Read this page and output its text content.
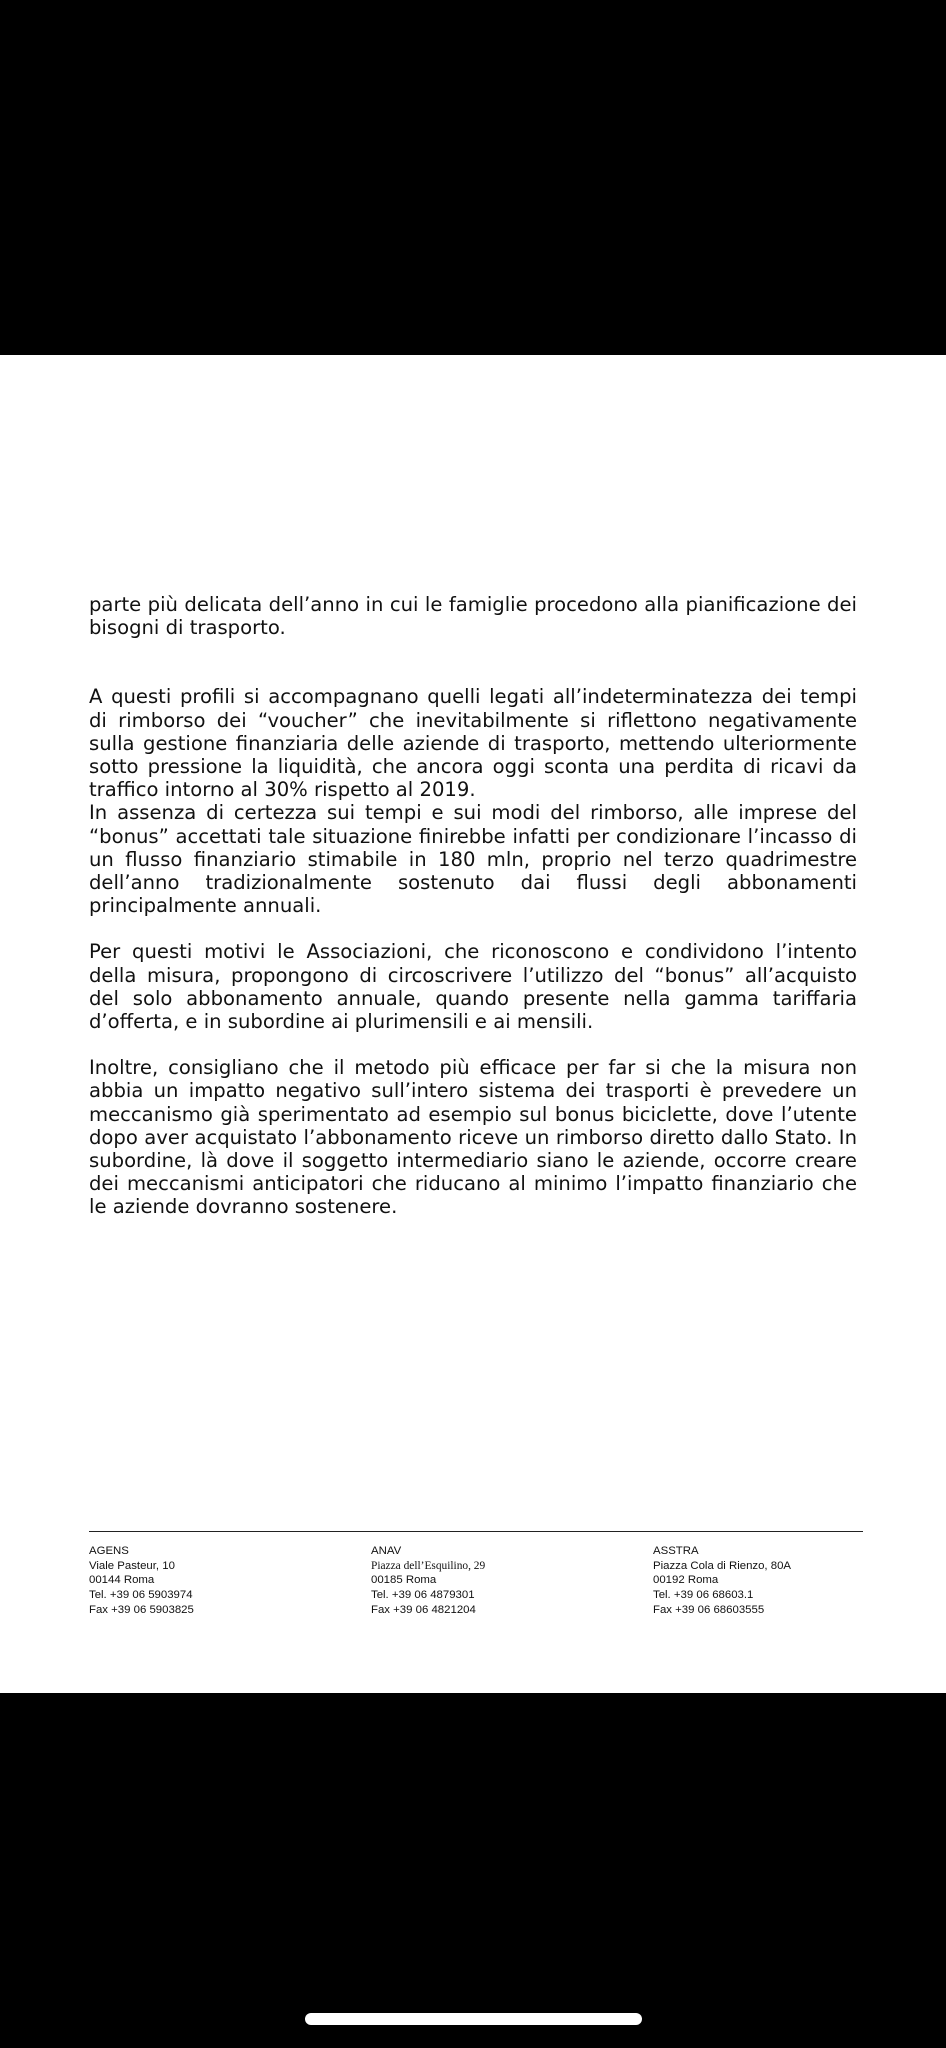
parte più delicata dell’anno in cui le famiglie procedono alla pianificazione dei bisogni di trasporto.

A questi profili si accompagnano quelli legati all’indeterminatezza dei tempi di rimborso dei “voucher” che inevitabilmente si riflettono negativamente sulla gestione finanziaria delle aziende di trasporto, mettendo ulteriormente sotto pressione la liquidità, che ancora oggi sconta una perdita di ricavi da traffico intorno al 30% rispetto al 2019.

In assenza di certezza sui tempi e sui modi del rimborso, alle imprese del “bonus” accettati tale situazione finirebbe infatti per condizionare l’incasso di un flusso finanziario stimabile in 180 mln, proprio nel terzo quadrimestre dell’anno tradizionalmente sostenuto dai flussi degli abbonamenti principalmente annuali.

Per questi motivi le Associazioni, che riconoscono e condividono l’intento della misura, propongono di circoscrivere l’utilizzo del “bonus” all’acquisto del solo abbonamento annuale, quando presente nella gamma tariffaria d’offerta, e in subordine ai plurimensili e ai mensili.

Inoltre, consigliano che il metodo più efficace per far si che la misura non abbia un impatto negativo sull’intero sistema dei trasporti è prevedere un meccanismo già sperimentato ad esempio sul bonus biciclette, dove l’utente dopo aver acquistato l’abbonamento riceve un rimborso diretto dallo Stato. In subordine, là dove il soggetto intermediario siano le aziende, occorre creare dei meccanismi anticipatori che riducano al minimo l’impatto finanziario che le aziende dovranno sostenere.

AGENS
Viale Pasteur, 10
00144 Roma
Tel. +39 06 5903974
Fax +39 06 5903825
ANAV
Piazza dell’Esquilino, 29
00185 Roma
Tel. +39 06 4879301
Fax +39 06 4821204
ASSTRA
Piazza Cola di Rienzo, 80A
00192 Roma
Tel. +39 06 68603.1
Fax +39 06 68603555
